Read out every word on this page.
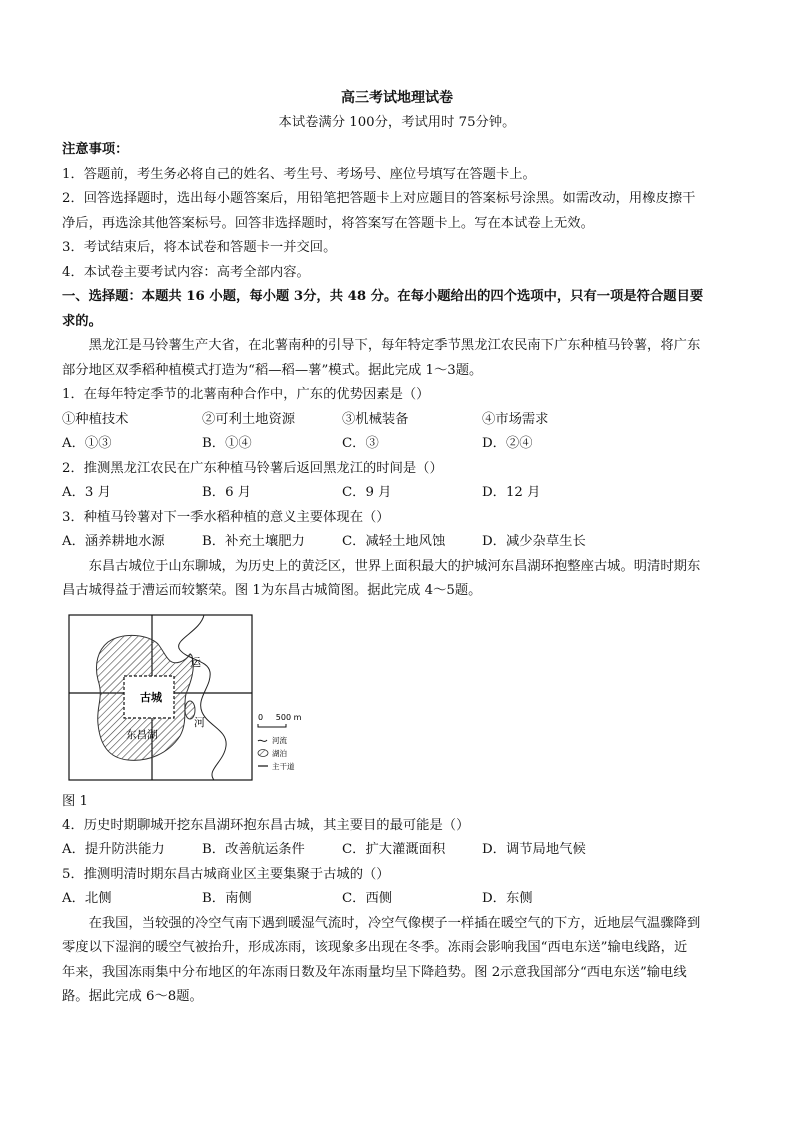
高三考试地理试卷
本试卷满分 100分，考试用时 75分钟。
注意事项：
1．答题前，考生务必将自己的姓名、考生号、考场号、座位号填写在答题卡上。
2．回答选择题时，选出每小题答案后，用铅笔把答题卡上对应题目的答案标号涂黑。如需改动，用橡皮擦干
净后，再选涂其他答案标号。回答非选择题时，将答案写在答题卡上。写在本试卷上无效。
3．考试结束后，将本试卷和答题卡一并交回。
4．本试卷主要考试内容：高考全部内容。
一、选择题：本题共 16 小题，每小题 3分，共 48 分。在每小题给出的四个选项中，只有一项是符合题目要
求的。
黑龙江是马铃薯生产大省，在北薯南种的引导下，每年特定季节黑龙江农民南下广东种植马铃薯，将广东
部分地区双季稻种植模式打造为“稻—稻—薯”模式。据此完成 1～3题。
1．在每年特定季节的北薯南种合作中，广东的优势因素是（）
①种植技术	②可利土地资源	③机械装备	④市场需求
A．①③	B．①④	C．③	D．②④
2．推测黑龙江农民在广东种植马铃薯后返回黑龙江的时间是（）
A．3 月	B．6 月	C．9 月	D．12 月
3．种植马铃薯对下一季水稻种植的意义主要体现在（）
A．涵养耕地水源	B．补充土壤肥力	C．减轻土地风蚀	D．减少杂草生长
东昌古城位于山东聊城，为历史上的黄泛区，世界上面积最大的护城河东昌湖环抱整座古城。明清时期东
昌古城得益于漕运而较繁荣。图 1为东昌古城简图。据此完成 4～5题。
古城
东昌湖
运
河	0     500 m
河流
湖泊
主干道
图 1
4．历史时期聊城开挖东昌湖环抱东昌古城，其主要目的最可能是（）
A．提升防洪能力	B．改善航运条件	C．扩大灌溉面积	D．调节局地气候
5．推测明清时期东昌古城商业区主要集聚于古城的（）
A．北侧	B．南侧	C．西侧	D．东侧
在我国，当较强的冷空气南下遇到暖湿气流时，冷空气像楔子一样插在暖空气的下方，近地层气温骤降到
零度以下湿润的暖空气被抬升，形成冻雨，该现象多出现在冬季。冻雨会影响我国“西电东送”输电线路，近
年来，我国冻雨集中分布地区的年冻雨日数及年冻雨量均呈下降趋势。图 2示意我国部分“西电东送”输电线
路。据此完成 6～8题。
